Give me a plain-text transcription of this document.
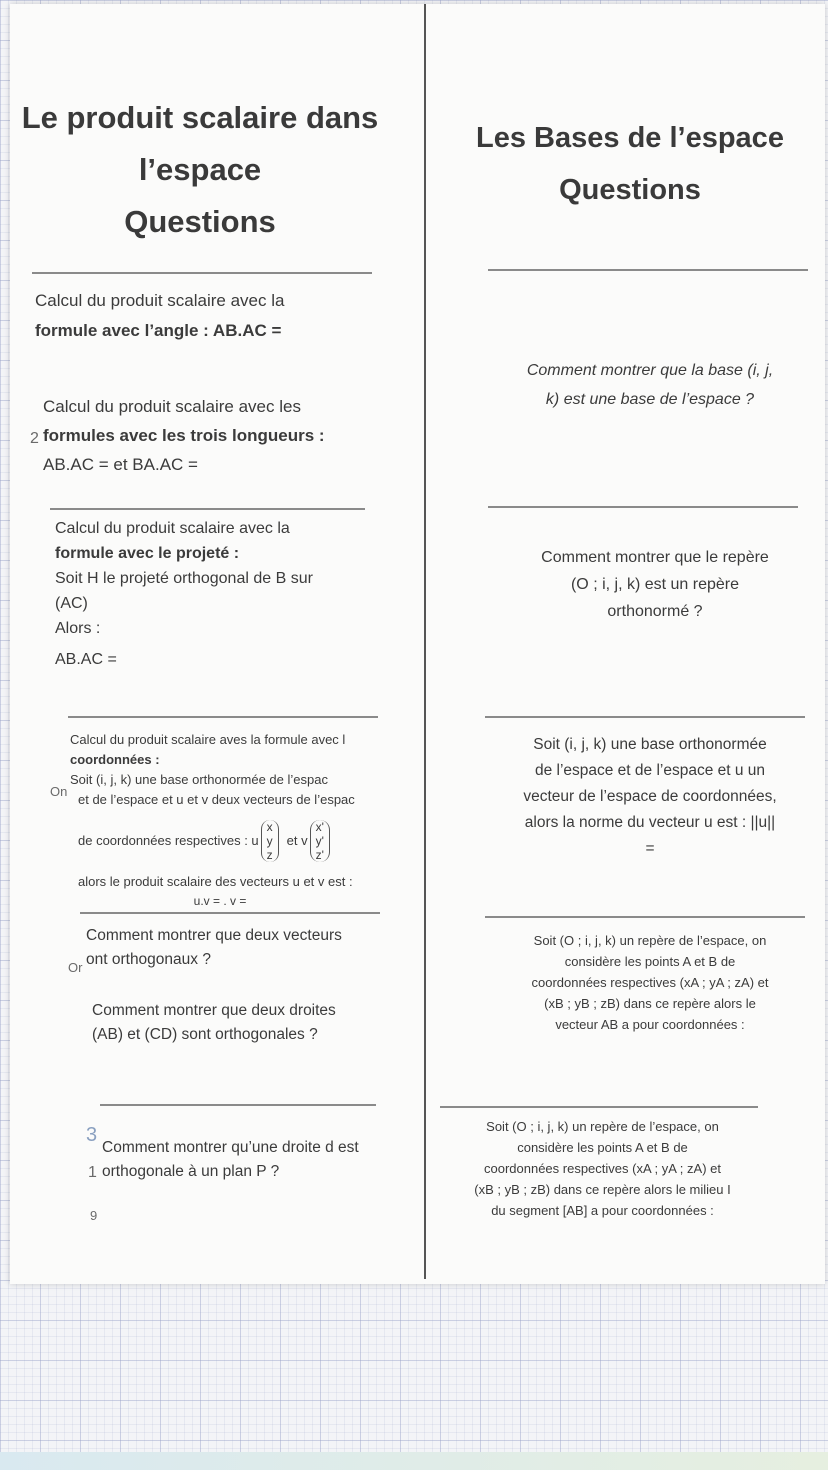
Le produit scalaire dans
l’espace
Questions
Les Bases de l’espace
Questions
Calcul du produit scalaire avec la
formule avec l’angle : AB.AC =
Calcul du produit scalaire avec les
formules avec les trois longueurs :
AB.AC = et BA.AC =
Comment montrer que la base (i, j,
k) est une base de l’espace ?
Calcul du produit scalaire avec la
formule avec le projeté :
Soit H le projeté orthogonal de B sur
(AC)
Alors :
AB.AC =
Comment montrer que le repère
(O ; i, j, k) est un repère
orthonormé ?
Calcul du produit scalaire aves la formule avec l
coordonnées :
Soit (i, j, k) une base orthonormée de l’espac
et de l’espace et u et v deux vecteurs de l’espac
de coordonnées respectives : u
x
y
z
et v
x'
y'
z'
alors le produit scalaire des vecteurs u et v est :
u.v = . v =
Soit (i, j, k) une base orthonormée
de l’espace et de l’espace et u un
vecteur de l’espace de coordonnées,
alors la norme du vecteur u est : ||u||
=
Comment montrer que deux vecteurs
ont orthogonaux ?
Comment montrer que deux droites
(AB) et (CD) sont orthogonales ?
Soit (O ; i, j, k) un repère de l’espace, on
considère les points A et B de
coordonnées respectives (xA ; yA ; zA) et
(xB ; yB ; zB) dans ce repère alors le
vecteur AB a pour coordonnées :
Comment montrer qu’une droite d est
orthogonale à un plan P ?
Soit (O ; i, j, k) un repère de l’espace, on
considère les points A et B de
coordonnées respectives (xA ; yA ; zA) et
(xB ; yB ; zB) dans ce repère alors le milieu I
du segment [AB] a pour coordonnées :
2
On
Or
3
1
9
